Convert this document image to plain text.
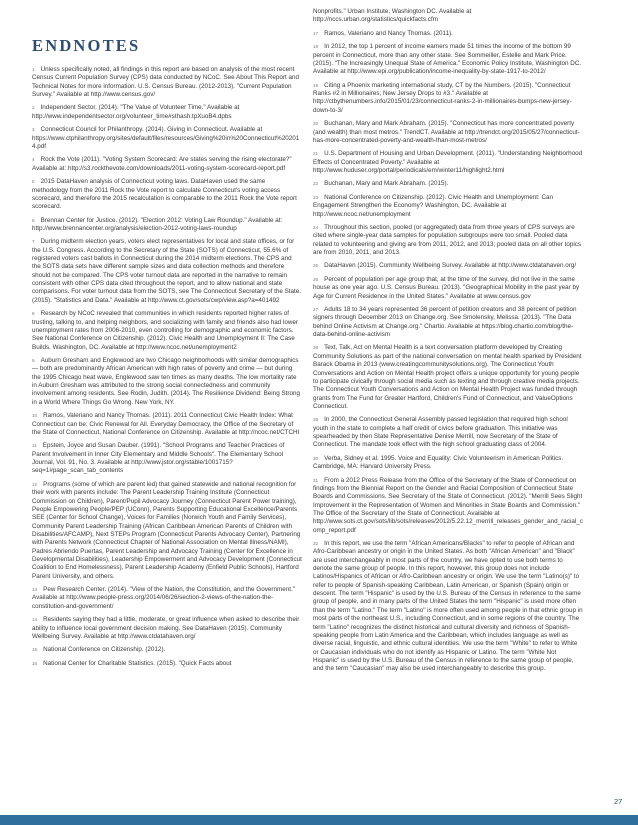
ENDNOTES

1 Unless specifically noted, all findings in this report are based on analysis of the most recent Census Current Population Survey (CPS) data conducted by NCoC. See About This Report and Technical Notes for more information. U.S. Census Bureau. (2012-2013). "Current Population Survey." Available at http://www.census.gov/

2 Independent Sector. (2014). "The Value of Volunteer Time." Available at http://www.independentsector.org/volunteer_time#sthash.tpXuoB4.dpbs

3 Connecticut Council for Philanthropy. (2014). Giving in Connecticut. Available at https://www.ctphilanthropy.org/sites/default/files/resources/Giving%20in%20Connecticut%202014.pdf

4 Rock the Vote (2011). "Voting System Scorecard: Are states serving the rising electorate?" Available at: http://s3.rockthevote.com/downloads/2011-voting-system-scorecard-report.pdf

5 2015 DataHaven analysis of Connecticut voting laws. DataHaven used the same methodology from the 2011 Rock the Vote report to calculate Connecticut's voting access scorecard, and therefore the 2015 recalculation is comparable to the 2011 Rock the Vote report scorecard.

6 Brennan Center for Justice. (2012). "Election 2012: Voting Law Roundup." Available at: http://www.brennancenter.org/analysis/election-2012-voting-laws-roundup

7 During midterm election years, voters elect representatives for local and state offices, or for the U.S. Congress. According to the Secretary of the State (SOTS) of Connecticut, 55.6% of registered voters cast ballots in Connecticut during the 2014 midterm elections. The CPS and the SOTS data sets have different sample sizes and data collection methods and therefore should not be compared. The CPS voter turnout data are reported in the narrative to remain consistent with other CPS data cited throughout the report, and to allow national and state comparisons. For voter turnout data from the SOTS, see The Connecticut Secretary of the State. (2015). "Statistics and Data." Available at http://www.ct.gov/sots/cwp/view.asp?a=401492

8 Research by NCoC revealed that communities in which residents reported higher rates of trusting, talking to, and helping neighbors, and socializing with family and friends also had lower unemployment rates from 2006-2010, even controlling for demographic and economic factors. See National Conference on Citizenship. (2012). Civic Health and Unemployment II: The Case Builds. Washington, DC. Available at http://www.ncoc.net/unemployment2

9 Auburn Gresham and Englewood are two Chicago neighborhoods with similar demographics — both are predominantly African American with high rates of poverty and crime — but during the 1995 Chicago heat wave, Englewood saw ten times as many deaths. The low mortality rate in Auburn Gresham was attributed to the strong social connectedness and community involvement among residents. See Rodin, Judith. (2014). The Resilience Dividend: Being Strong in a World Where Things Go Wrong. New York, NY.

10 Ramos, Valeriano and Nancy Thomas. (2011). 2011 Connecticut Civic Health Index: What Connecticut can be: Civic Renewal for All. Everyday Democracy, the Office of the Secretary of the State of Connecticut, National Conference on Citizenship. Available at http://ncoc.net/CTCHI

11 Epstein, Joyce and Susan Dauber. (1991). "School Programs and Teacher Practices of Parent Involvement in Inner City Elementary and Middle Schools". The Elementary School Journal, Vol. 91, No. 3. Available at http://www.jstor.org/stable/1001715?seq=1#page_scan_tab_contents

12 Programs (some of which are parent led) that gained statewide and national recognition for their work with parents include: The Parent Leadership Training Institute (Connecticut Commission on Children), Parent/Pupil Advocacy Journey (Connecticut Parent Power training), People Empowering People/PEP (UConn), Parents Supporting Educational Excellence/Parents SEE (Center for School Change), Voices for Families (Norwich Youth and Family Services), Community Parent Leadership Training (African Caribbean American Parents of Children with Disabilities/AFCAMP), Next STEPs Program (Connecticut Parents Advocacy Center), Partnering with Parents Network (Connecticut Chapter of National Association on Mental Illness/NAMI), Padres Abriendo Puertas, Parent Leadership and Advocacy Training (Center for Excellence in Developmental Disabilities), Leadership Empowerment and Advocacy Development (Connecticut Coalition to End Homelessness), Parent Leadership Academy (Enfield Public Schools), Hartford Parent University, and others.

13 Pew Research Center. (2014). "View of the Nation, the Constitution, and the Government." Available at http://www.people-press.org/2014/06/26/section-2-views-of-the-nation-the-constitution-and-government/

14 Residents saying they had a little, moderate, or great influence when asked to describe their ability to influence local government decision making. See DataHaven (2015). Community Wellbeing Survey. Available at http://www.ctdatahaven.org/

15 National Conference on Citizenship. (2012).

16 National Center for Charitable Statistics. (2015). "Quick Facts about

Nonprofits." Urban Institute, Washington DC. Available at http://nccs.urban.org/statistics/quickfacts.cfm

17 Ramos, Valeriano and Nancy Thomas. (2011).

18 In 2012, the top 1 percent of income earners made 51 times the income of the bottom 99 percent in Connecticut, more than any other state. See Sommeiller, Estelle and Mark Price. (2015). "The Increasingly Unequal State of America." Economic Policy Institute, Washington DC. Available at http://www.epi.org/publication/income-inequality-by-state-1917-to-2012/

19 Citing a Phoenix marketing international study, CT by the Numbers. (2015). "Connecticut Ranks #2 in Millionaires; New Jersey Drops to #3." Available at http://ctbythenumbers.info/2015/01/23/connecticut-ranks-2-in-millionaires-bumps-new-jersey-down-to-3/

20 Buchanan, Mary and Mark Abraham. (2015). "Connecticut has more concentrated poverty (and wealth) than most metros." TrendCT. Available at http://trendct.org/2015/05/27/connecticut-has-more-concentrated-poverty-and-wealth-than-most-metros/

21 U.S. Department of Housing and Urban Development. (2011). "Understanding Neighborhood Effects of Concentrated Poverty." Available at http://www.huduser.org/portal/periodicals/em/winter11/highlight2.html

22 Buchanan, Mary and Mark Abraham. (2015).

23 National Conference on Citizenship. (2012). Civic Health and Unemployment: Can Engagement Strengthen the Economy? Washington, DC. Available at http://www.ncoc.net/unemployment

24 Throughout this section, pooled (or aggregated) data from three years of CPS surveys are cited where single-year data samples for population subgroups were too small. Pooled data related to volunteering and giving are from 2011, 2012, and 2013; pooled data on all other topics are from 2010, 2011, and 2013.

25 DataHaven (2015). Community Wellbeing Survey. Available at http://www.ctdatahaven.org/

26 Percent of population per age group that, at the time of the survey, did not live in the same house as one year ago. U.S. Census Bureau. (2013). "Geographical Mobility in the past year by Age for Current Residence in the United States." Available at www.census.gov

27 Adults 18 to 34 years represented 36 percent of petition creators and 38 percent of petition signers through December 2013 on Change.org. See Smolensky, Melissa. (2013). "The Data behind Online Activism at Change.org." Chartio. Available at https://blog.chartio.com/blog/the-data-behind-online-activism

28 Text, Talk, Act on Mental Health is a text conversation platform developed by Creating Community Solutions as part of the national conversation on mental health sparked by President Barack Obama in 2013 (www.creatingcommunitysolutions.org). The Connecticut Youth Conversations and Action on Mental Health project offers a unique opportunity for young people to participate civically through social media such as texting and through creative media projects. The Connecticut Youth Conversations and Action on Mental Health Project was funded through grants from The Fund for Greater Hartford, Children's Fund of Connecticut, and ValueOptions Connecticut.

29 In 2000, the Connecticut General Assembly passed legislation that required high school youth in the state to complete a half credit of civics before graduation. This initiative was spearheaded by then State Representative Denise Merrill, now Secretary of the State of Connecticut. The mandate took effect with the high school graduating class of 2004.

30 Verba, Sidney et al. 1995. Voice and Equality: Civic Volunteerism in American Politics. Cambridge, MA: Harvard University Press.

31 From a 2012 Press Release from the Office of the Secretary of the State of Connecticut on findings from the Biennial Report on the Gender and Racial Composition of Connecticut State Boards and Commissions. See Secretary of the State of Connecticut. (2012). "Merrill Sees Slight Improvement in the Representation of Women and Minorities in State Boards and Commission." The Office of the Secretary of the State of Connecticut. Available at http://www.sots.ct.gov/sots/lib/sots/releases/2012/5.22.12_merrill_releases_gender_and_racial_comp_report.pdf

32 In this report, we use the term "African Americans/Blacks" to refer to people of African and Afro-Caribbean ancestry or origin in the United States. As both "African American" and "Black" are used interchangeably in most parts of the country, we have opted to use both terms to denote the same group of people. In this report, however, this group does not include Latinos/Hispanics of African or Afro-Caribbean ancestry or origin. We use the term "Latino(s)" to refer to people of Spanish-speaking Caribbean, Latin American, or Spanish (Spain) origin or descent. The term "Hispanic" is used by the U.S. Bureau of the Census in reference to the same group of people, and in many parts of the United States the term "Hispanic" is used more often than the term "Latino." The term "Latino" is more often used among people in that ethnic group in most parts of the northeast U.S., including Connecticut, and in some regions of the country. The term "Latino" recognizes the distinct historical and cultural diversity and richness of Spanish-speaking people from Latin America and the Caribbean, which includes language as well as diverse racial, linguistic, and ethnic cultural identities. We use the term "White" to refer to White or Caucasian individuals who do not identify as Hispanic or Latino. The term "White Not Hispanic" is used by the U.S. Bureau of the Census in reference to the same group of people, and the term "Caucasian" may also be used interchangeably to describe this group.

27
